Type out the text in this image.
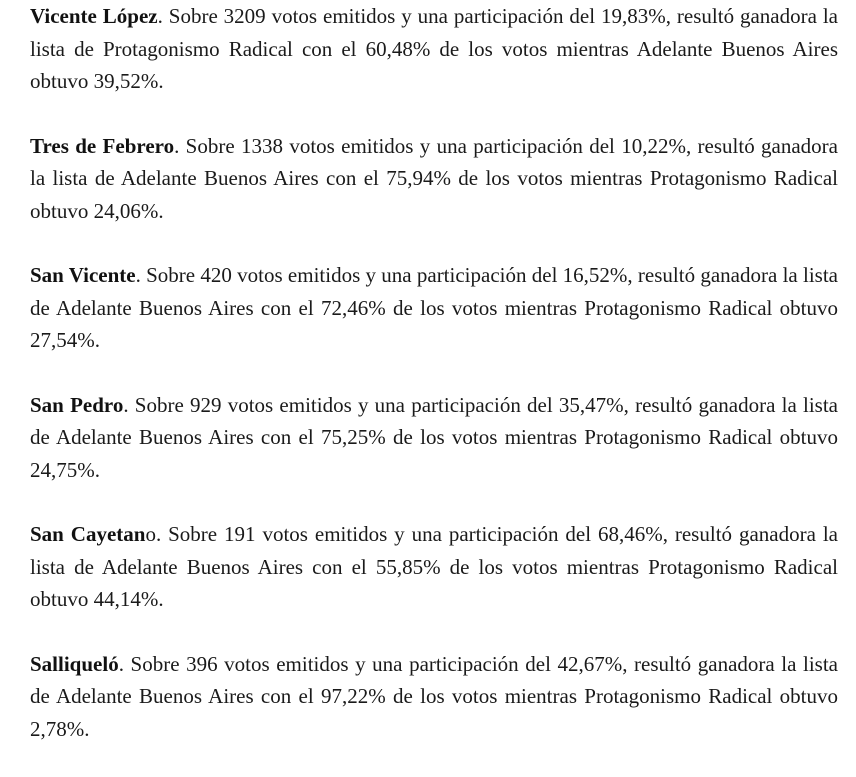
Vicente López. Sobre 3209 votos emitidos y una participación del 19,83%, resultó ganadora la lista de Protagonismo Radical con el 60,48% de los votos mientras Adelante Buenos Aires obtuvo 39,52%.

Tres de Febrero. Sobre 1338 votos emitidos y una participación del 10,22%, resultó ganadora la lista de Adelante Buenos Aires con el 75,94% de los votos mientras Protagonismo Radical obtuvo 24,06%.

San Vicente. Sobre 420 votos emitidos y una participación del 16,52%, resultó ganadora la lista de Adelante Buenos Aires con el 72,46% de los votos mientras Protagonismo Radical obtuvo 27,54%.

San Pedro. Sobre 929 votos emitidos y una participación del 35,47%, resultó ganadora la lista de Adelante Buenos Aires con el 75,25% de los votos mientras Protagonismo Radical obtuvo 24,75%.

San Cayetano. Sobre 191 votos emitidos y una participación del 68,46%, resultó ganadora la lista de Adelante Buenos Aires con el 55,85% de los votos mientras Protagonismo Radical obtuvo 44,14%.

Salliqueló. Sobre 396 votos emitidos y una participación del 42,67%, resultó ganadora la lista de Adelante Buenos Aires con el 97,22% de los votos mientras Protagonismo Radical obtuvo 2,78%.
